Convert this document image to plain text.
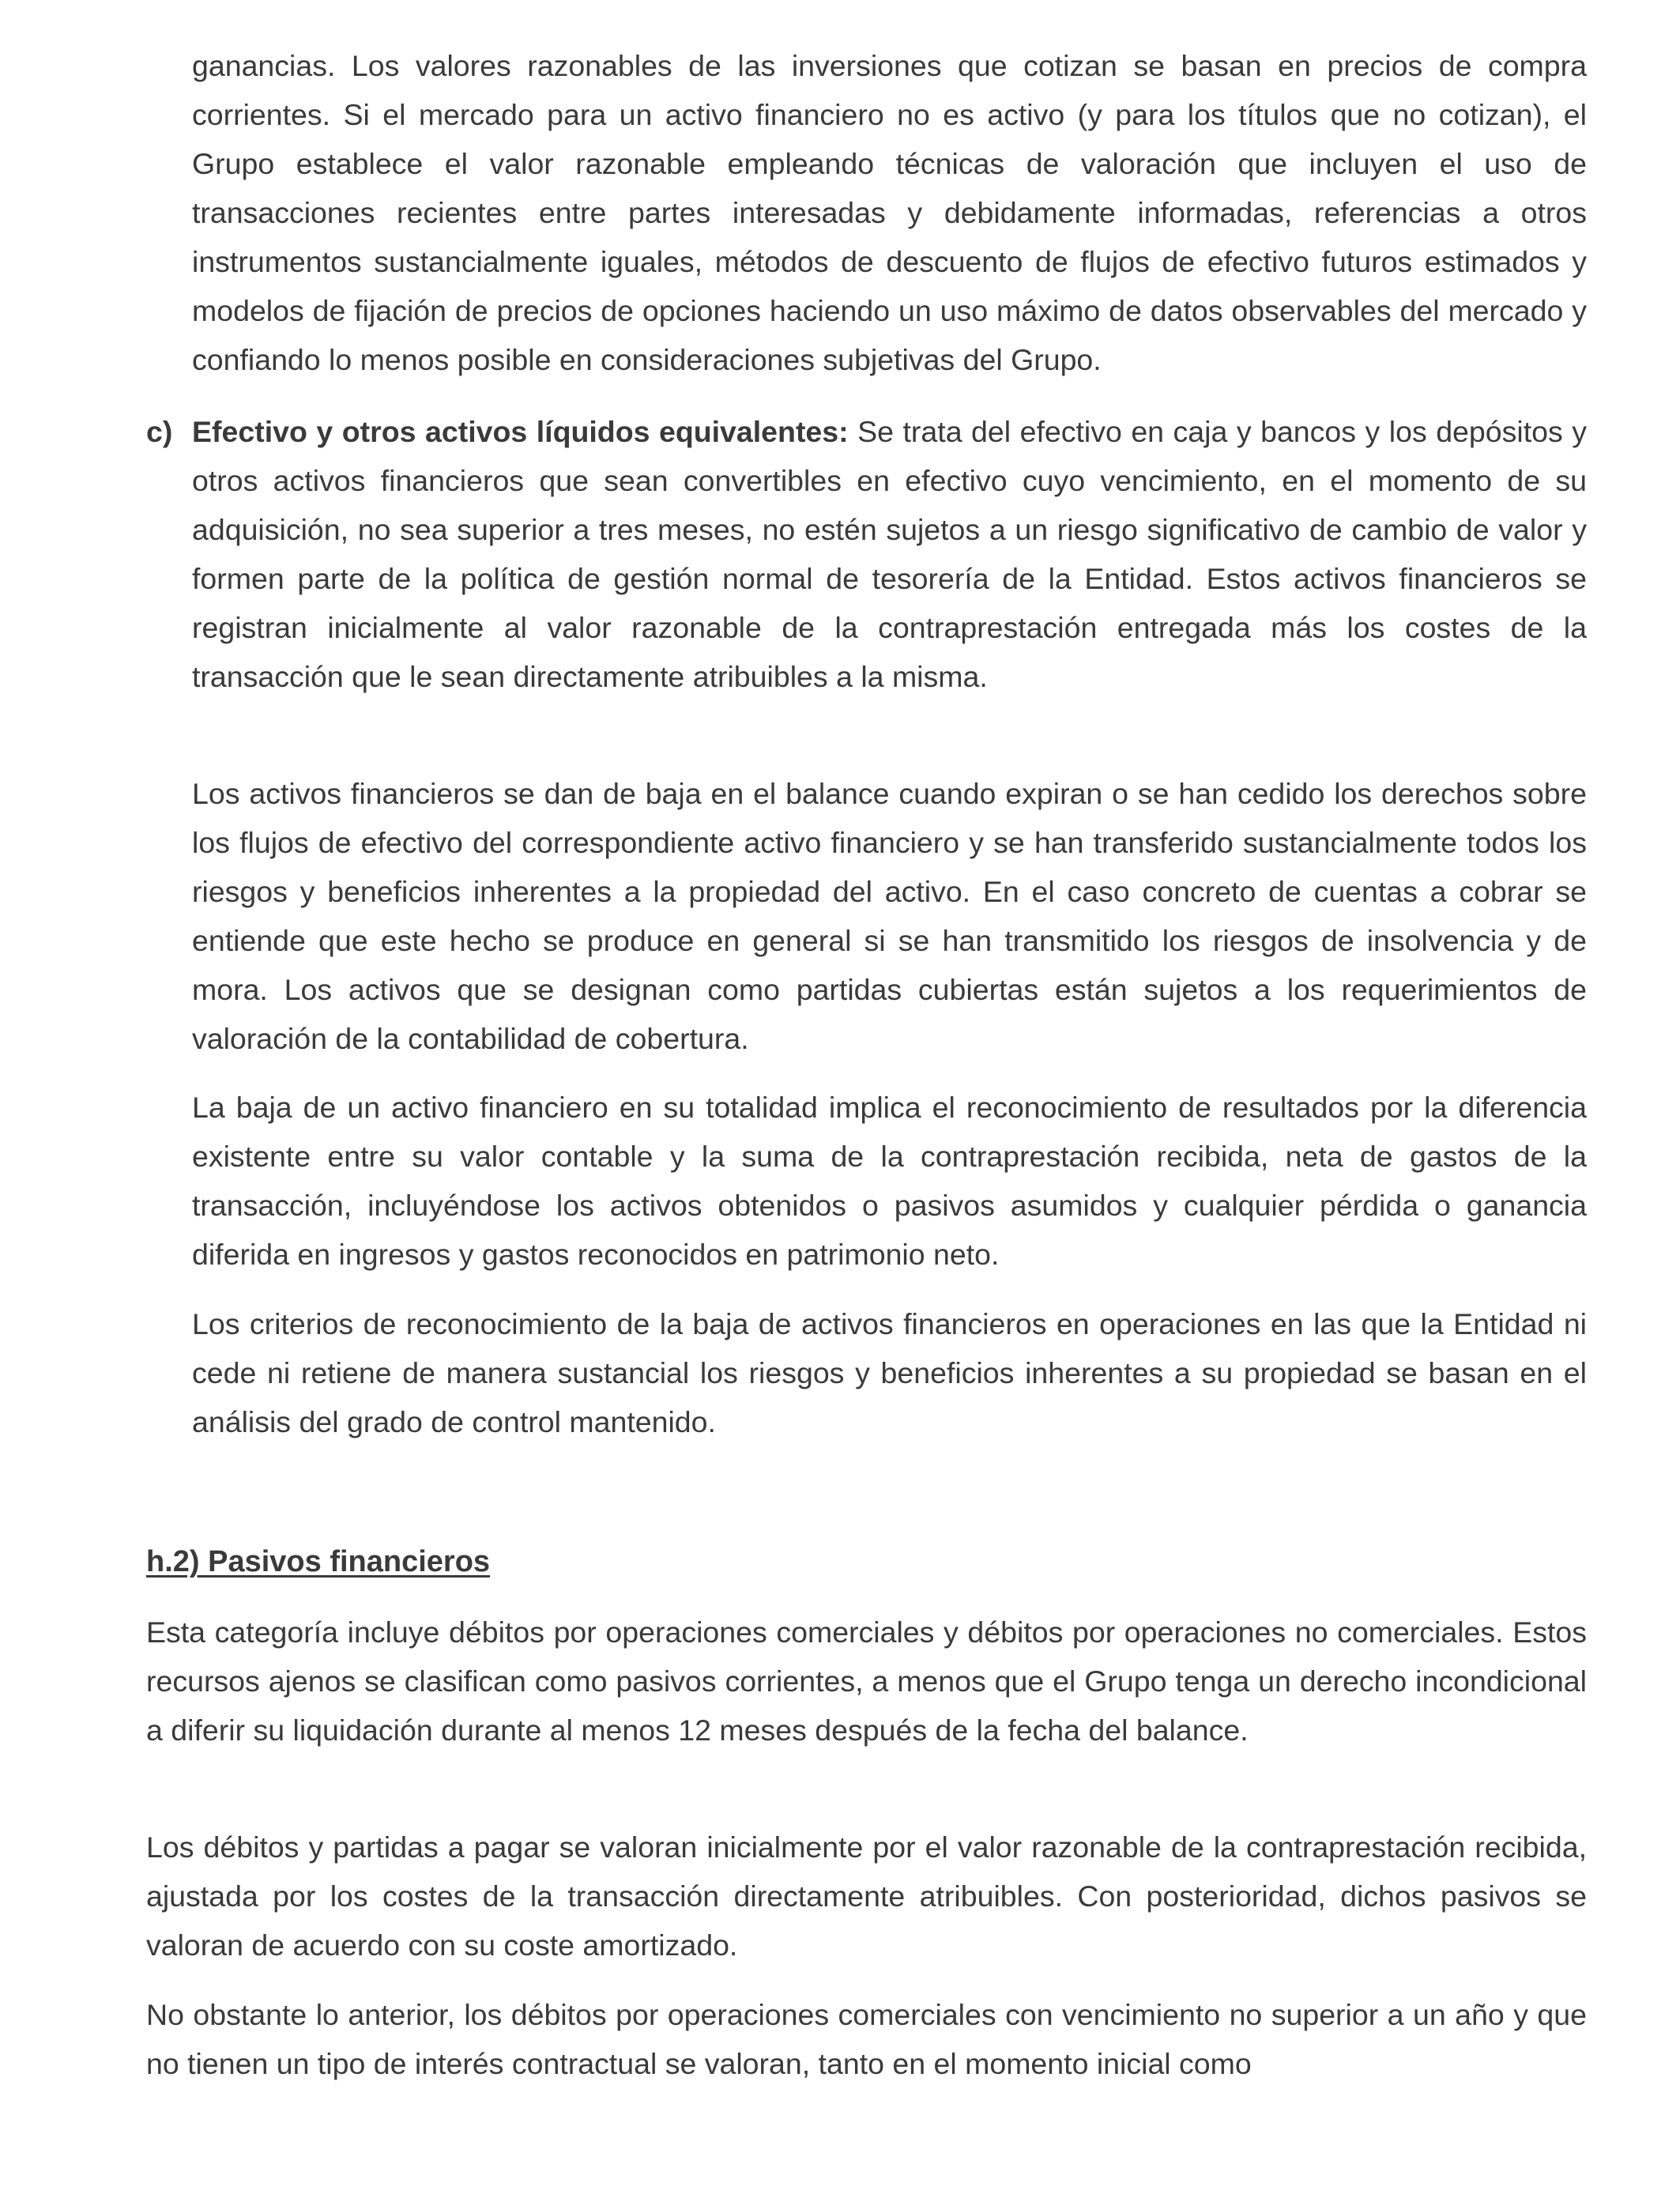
ganancias. Los valores razonables de las inversiones que cotizan se basan en precios de compra corrientes. Si el mercado para un activo financiero no es activo (y para los títulos que no cotizan), el Grupo establece el valor razonable empleando técnicas de valoración que incluyen el uso de transacciones recientes entre partes interesadas y debidamente informadas, referencias a otros instrumentos sustancialmente iguales, métodos de descuento de flujos de efectivo futuros estimados y modelos de fijación de precios de opciones haciendo un uso máximo de datos observables del mercado y confiando lo menos posible en consideraciones subjetivas del Grupo.

c) Efectivo y otros activos líquidos equivalentes: Se trata del efectivo en caja y bancos y los depósitos y otros activos financieros que sean convertibles en efectivo cuyo vencimiento, en el momento de su adquisición, no sea superior a tres meses, no estén sujetos a un riesgo significativo de cambio de valor y formen parte de la política de gestión normal de tesorería de la Entidad. Estos activos financieros se registran inicialmente al valor razonable de la contraprestación entregada más los costes de la transacción que le sean directamente atribuibles a la misma.

Los activos financieros se dan de baja en el balance cuando expiran o se han cedido los derechos sobre los flujos de efectivo del correspondiente activo financiero y se han transferido sustancialmente todos los riesgos y beneficios inherentes a la propiedad del activo. En el caso concreto de cuentas a cobrar se entiende que este hecho se produce en general si se han transmitido los riesgos de insolvencia y de mora. Los activos que se designan como partidas cubiertas están sujetos a los requerimientos de valoración de la contabilidad de cobertura.

La baja de un activo financiero en su totalidad implica el reconocimiento de resultados por la diferencia existente entre su valor contable y la suma de la contraprestación recibida, neta de gastos de la transacción, incluyéndose los activos obtenidos o pasivos asumidos y cualquier pérdida o ganancia diferida en ingresos y gastos reconocidos en patrimonio neto.

Los criterios de reconocimiento de la baja de activos financieros en operaciones en las que la Entidad ni cede ni retiene de manera sustancial los riesgos y beneficios inherentes a su propiedad se basan en el análisis del grado de control mantenido.

h.2) Pasivos financieros

Esta categoría incluye débitos por operaciones comerciales y débitos por operaciones no comerciales. Estos recursos ajenos se clasifican como pasivos corrientes, a menos que el Grupo tenga un derecho incondicional a diferir su liquidación durante al menos 12 meses después de la fecha del balance.

Los débitos y partidas a pagar se valoran inicialmente por el valor razonable de la contraprestación recibida, ajustada por los costes de la transacción directamente atribuibles. Con posterioridad, dichos pasivos se valoran de acuerdo con su coste amortizado.

No obstante lo anterior, los débitos por operaciones comerciales con vencimiento no superior a un año y que no tienen un tipo de interés contractual se valoran, tanto en el momento inicial como
